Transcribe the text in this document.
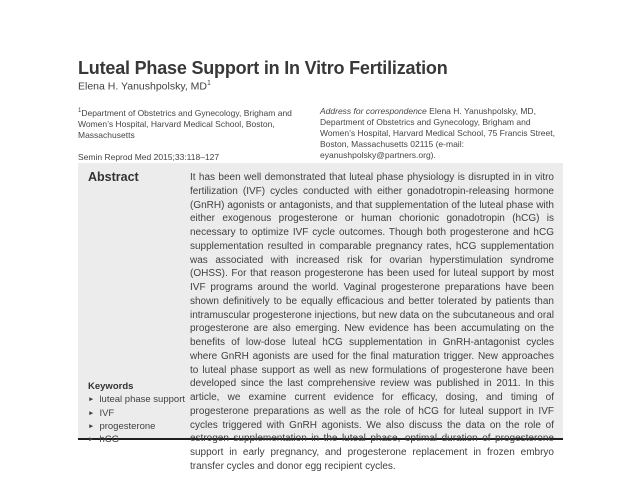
Luteal Phase Support in In Vitro Fertilization
Elena H. Yanushpolsky, $MD^1$
$^1$Department of Obstetrics and Gynecology, Brigham and Women’s Hospital, Harvard Medical School, Boston, Massachusetts
Semin Reprod Med 2015;33:118–127
Address for correspondence Elena H. Yanushpolsky, MD, Department of Obstetrics and Gynecology, Brigham and Women’s Hospital, Harvard Medical School, 75 Francis Street, Boston, Massachusetts 02115 (e-mail: eyanushpolsky@partners.org).
Abstract	It has been well demonstrated that luteal phase physiology is disrupted in in vitro fertilization (IVF) cycles conducted with either gonadotropin-releasing hormone (GnRH) agonists or antagonists, and that supplementation of the luteal phase with either exogenous progesterone or human chorionic gonadotropin (hCG) is necessary to optimize IVF cycle outcomes. Though both progesterone and hCG supplementation resulted in comparable pregnancy rates, hCG supplementation was associated with increased risk for ovarian hyperstimulation syndrome (OHSS). For that reason progesterone has been used for luteal support by most IVF programs around the world. Vaginal progesterone preparations have been shown definitively to be equally efficacious and better tolerated by patients than intramuscular progesterone injections, but new data on the subcutaneous and oral progesterone are also emerging. New evidence has been accumulating on the benefits of low-dose luteal hCG supplementation in GnRH-antagonist cycles where GnRH agonists are used for the final maturation trigger. New approaches to luteal phase support as well as new formulations of progesterone have been developed since the last comprehensive review was published in 2011. In this article, we examine current evidence for efficacy, dosing, and timing of progesterone preparations as well as the role of hCG for luteal support in IVF cycles triggered with GnRH agonists. We also discuss the data on the role of estrogen supplementation in the luteal phase, optimal duration of progesterone support in early pregnancy, and progesterone replacement in frozen embryo transfer cycles and donor egg recipient cycles.
Keywords
► luteal phase support
► IVF
► progesterone
► hCG
